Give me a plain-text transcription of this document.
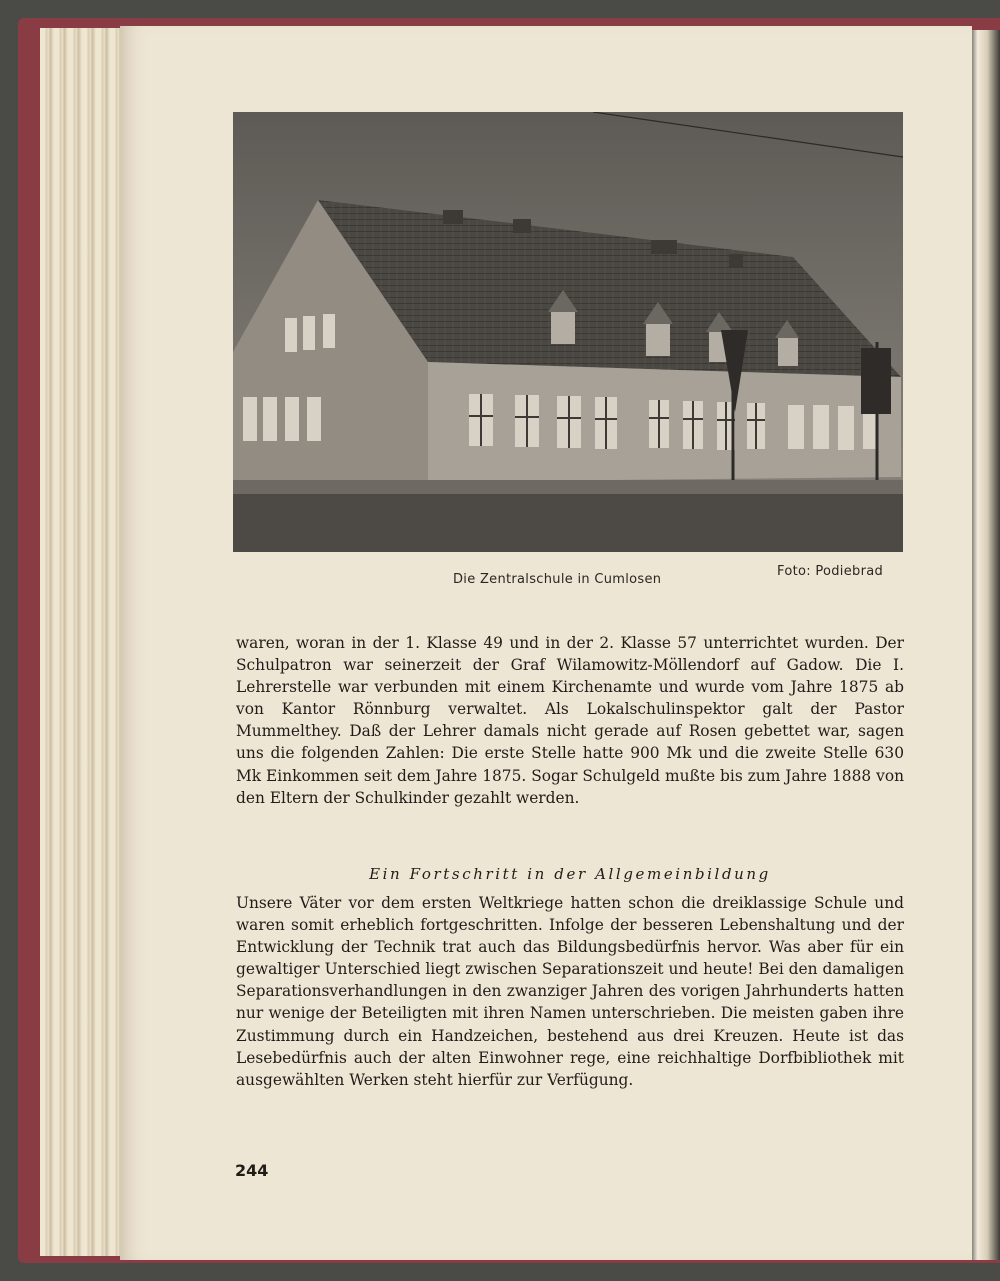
Die Zentralschule in Cumlosen
Foto: Podiebrad

waren, woran in der 1. Klasse 49 und in der 2. Klasse 57 unterrichtet wurden. Der Schulpatron war seinerzeit der Graf Wilamowitz-Möllendorf auf Gadow. Die I. Lehrerstelle war verbunden mit einem Kirchenamte und wurde vom Jahre 1875 ab von Kantor Rönnburg verwaltet. Als Lokalschulinspektor galt der Pastor Mummelthey. Daß der Lehrer damals nicht gerade auf Rosen gebettet war, sagen uns die folgenden Zahlen: Die erste Stelle hatte 900 Mk und die zweite Stelle 630 Mk Einkommen seit dem Jahre 1875. Sogar Schulgeld mußte bis zum Jahre 1888 von den Eltern der Schulkinder gezahlt werden.

Ein Fortschritt in der Allgemeinbildung

Unsere Väter vor dem ersten Weltkriege hatten schon die dreiklassige Schule und waren somit erheblich fortgeschritten. Infolge der besseren Lebenshaltung und der Entwicklung der Technik trat auch das Bildungsbedürfnis hervor. Was aber für ein gewaltiger Unterschied liegt zwischen Separationszeit und heute! Bei den damaligen Separationsverhandlungen in den zwanziger Jahren des vorigen Jahrhunderts hatten nur wenige der Beteiligten mit ihren Namen unterschrieben. Die meisten gaben ihre Zustimmung durch ein Handzeichen, bestehend aus drei Kreuzen. Heute ist das Lesebedürfnis auch der alten Einwohner rege, eine reichhaltige Dorfbibliothek mit ausgewählten Werken steht hierfür zur Verfügung.

244
